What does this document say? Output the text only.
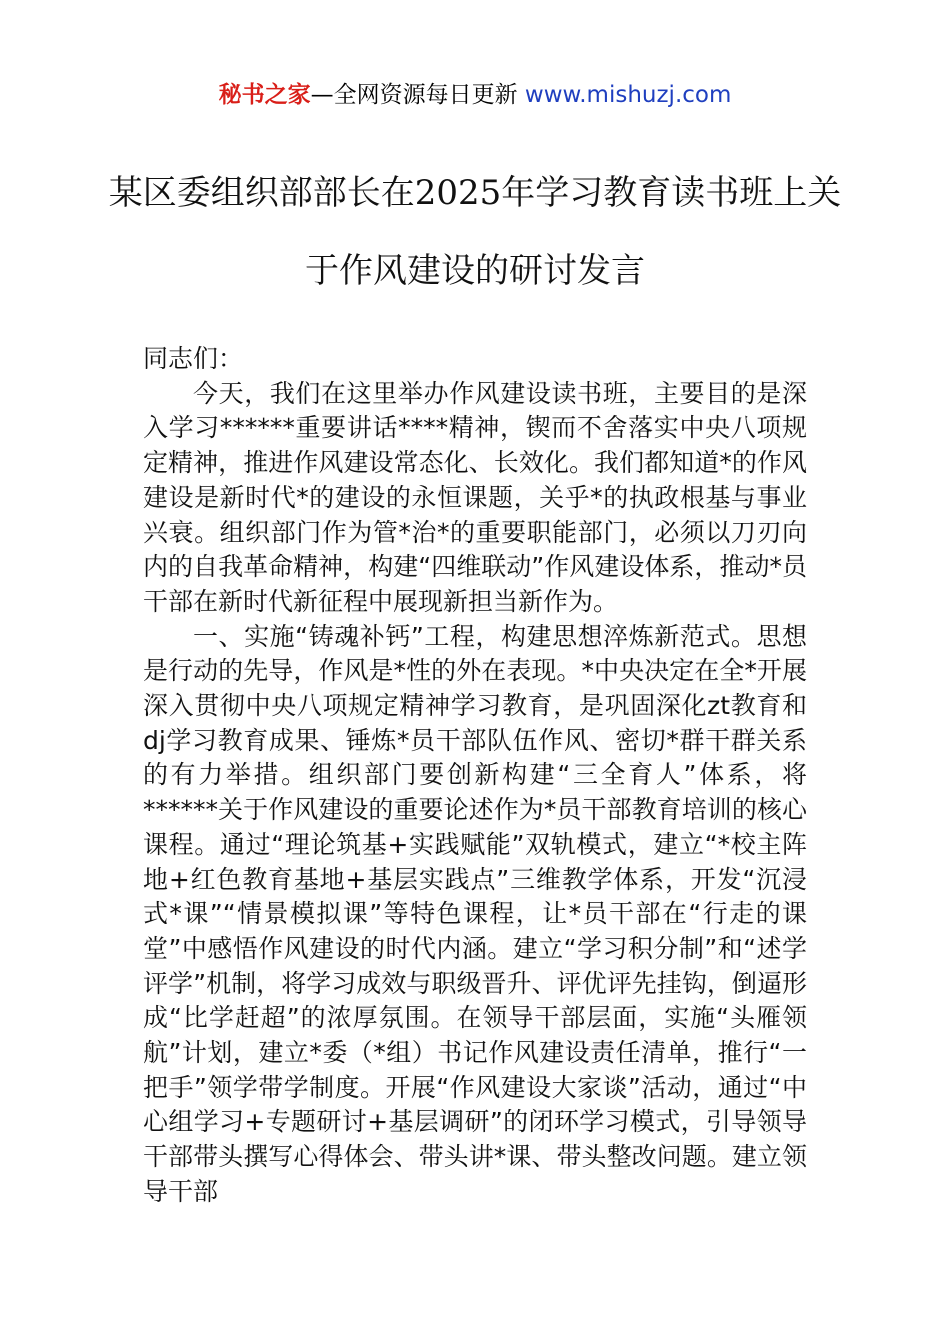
秘书之家—全网资源每日更新 www.mishuzj.com
某区委组织部部长在2025年学习教育读书班上关于作风建设的研讨发言

同志们：

今天，我们在这里举办作风建设读书班，主要目的是深入学习******重要讲话****精神，锲而不舍落实中央八项规定精神，推进作风建设常态化、长效化。我们都知道*的作风建设是新时代*的建设的永恒课题，关乎*的执政根基与事业兴衰。组织部门作为管*治*的重要职能部门，必须以刀刃向内的自我革命精神，构建“四维联动”作风建设体系，推动*员干部在新时代新征程中展现新担当新作为。

一、实施“铸魂补钙”工程，构建思想淬炼新范式。思想是行动的先导，作风是*性的外在表现。*中央决定在全*开展深入贯彻中央八项规定精神学习教育，是巩固深化zt教育和dj学习教育成果、锤炼*员干部队伍作风、密切*群干群关系的有力举措。组织部门要创新构建“三全育人”体系，将******关于作风建设的重要论述作为*员干部教育培训的核心课程。通过“理论筑基+实践赋能”双轨模式，建立“*校主阵地+红色教育基地+基层实践点”三维教学体系，开发“沉浸式*课”“情景模拟课”等特色课程，让*员干部在“行走的课堂”中感悟作风建设的时代内涵。建立“学习积分制”和“述学评学”机制，将学习成效与职级晋升、评优评先挂钩，倒逼形成“比学赶超”的浓厚氛围。在领导干部层面，实施“头雁领航”计划，建立*委（*组）书记作风建设责任清单，推行“一把手”领学带学制度。开展“作风建设大家谈”活动，通过“中心组学习+专题研讨+基层调研”的闭环学习模式，引导领导干部带头撰写心得体会、带头讲*课、带头整改问题。建立领导干部
